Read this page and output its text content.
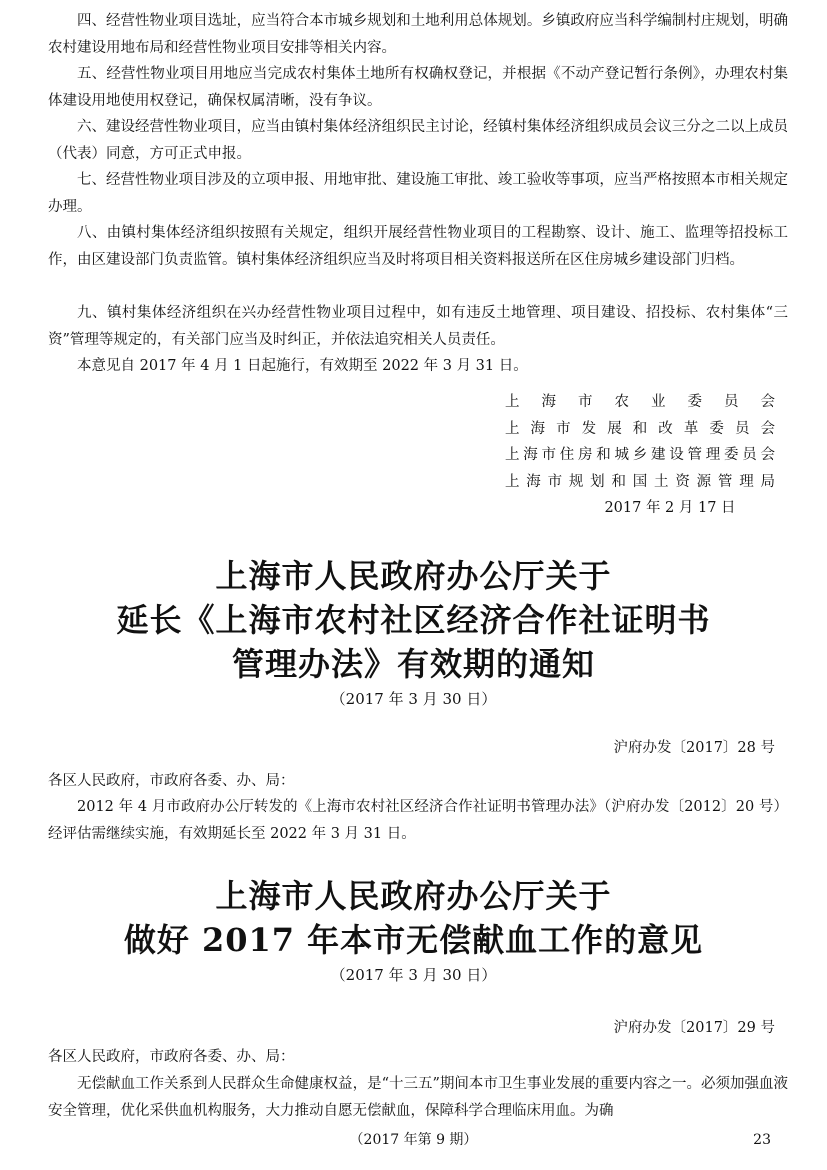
四、经营性物业项目选址，应当符合本市城乡规划和土地利用总体规划。乡镇政府应当科学编制村庄规划，明确农村建设用地布局和经营性物业项目安排等相关内容。

五、经营性物业项目用地应当完成农村集体土地所有权确权登记，并根据《不动产登记暂行条例》，办理农村集体建设用地使用权登记，确保权属清晰，没有争议。

六、建设经营性物业项目，应当由镇村集体经济组织民主讨论，经镇村集体经济组织成员会议三分之二以上成员（代表）同意，方可正式申报。

七、经营性物业项目涉及的立项申报、用地审批、建设施工审批、竣工验收等事项，应当严格按照本市相关规定办理。

八、由镇村集体经济组织按照有关规定，组织开展经营性物业项目的工程勘察、设计、施工、监理等招投标工作，由区建设部门负责监管。镇村集体经济组织应当及时将项目相关资料报送所在区住房城乡建设部门归档。

九、镇村集体经济组织在兴办经营性物业项目过程中，如有违反土地管理、项目建设、招投标、农村集体“三资”管理等规定的，有关部门应当及时纠正，并依法追究相关人员责任。

本意见自 2017 年 4 月 1 日起施行，有效期至 2022 年 3 月 31 日。

上海市农业委员会
上海市发展和改革委员会
上海市住房和城乡建设管理委员会
上海市规划和国土资源管理局
2017 年 2 月 17 日
上海市人民政府办公厅关于
延长《上海市农村社区经济合作社证明书
管理办法》有效期的通知

（2017 年 3 月 30 日）

沪府办发〔2017〕28 号

各区人民政府，市政府各委、办、局：

2012 年 4 月市政府办公厅转发的《上海市农村社区经济合作社证明书管理办法》（沪府办发〔2012〕20 号）经评估需继续实施，有效期延长至 2022 年 3 月 31 日。

上海市人民政府办公厅关于
做好 2017 年本市无偿献血工作的意见

（2017 年 3 月 30 日）

沪府办发〔2017〕29 号

各区人民政府，市政府各委、办、局：

无偿献血工作关系到人民群众生命健康权益，是“十三五”期间本市卫生事业发展的重要内容之一。必须加强血液安全管理，优化采供血机构服务，大力推动自愿无偿献血，保障科学合理临床用血。为确

（2017 年第 9 期）	23
